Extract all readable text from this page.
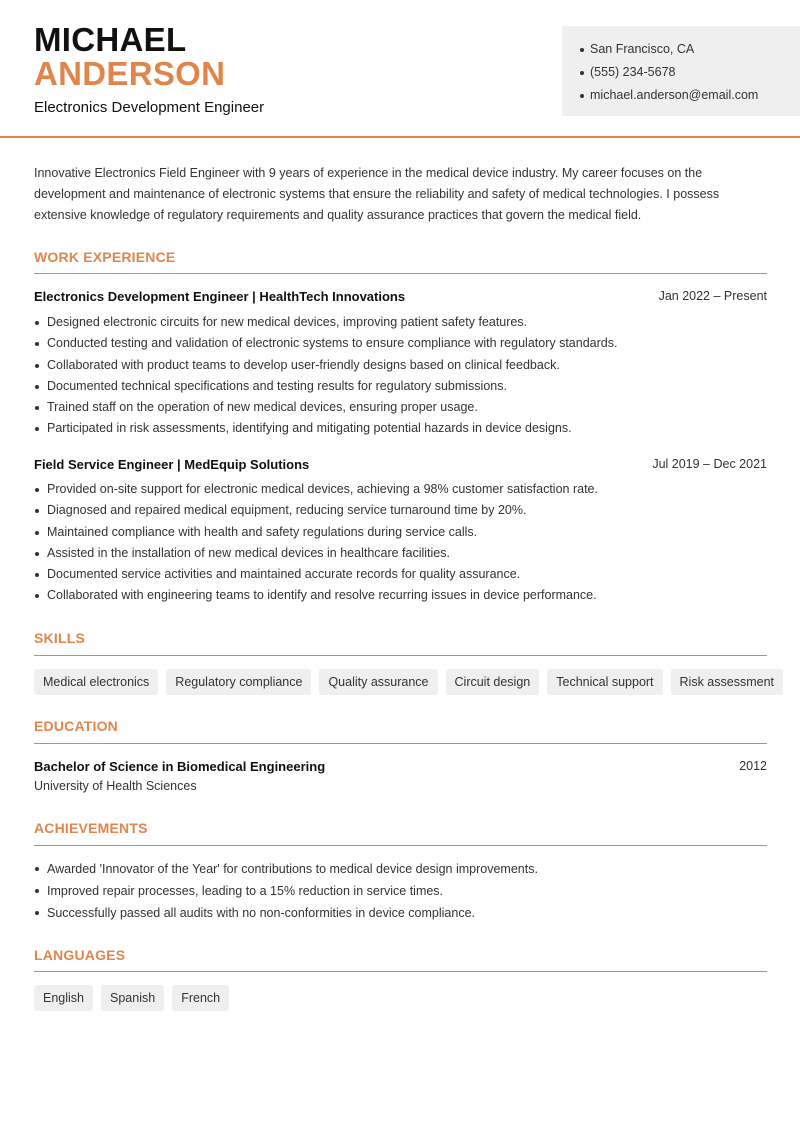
MICHAEL
ANDERSON
Electronics Development Engineer
San Francisco, CA
(555) 234-5678
michael.anderson@email.com

Innovative Electronics Field Engineer with 9 years of experience in the medical device industry. My career focuses on the development and maintenance of electronic systems that ensure the reliability and safety of medical technologies. I possess extensive knowledge of regulatory requirements and quality assurance practices that govern the medical field.

WORK EXPERIENCE
Electronics Development Engineer | HealthTech Innovations	Jan 2022 – Present
Designed electronic circuits for new medical devices, improving patient safety features.
Conducted testing and validation of electronic systems to ensure compliance with regulatory standards.
Collaborated with product teams to develop user-friendly designs based on clinical feedback.
Documented technical specifications and testing results for regulatory submissions.
Trained staff on the operation of new medical devices, ensuring proper usage.
Participated in risk assessments, identifying and mitigating potential hazards in device designs.
Field Service Engineer | MedEquip Solutions	Jul 2019 – Dec 2021
Provided on-site support for electronic medical devices, achieving a 98% customer satisfaction rate.
Diagnosed and repaired medical equipment, reducing service turnaround time by 20%.
Maintained compliance with health and safety regulations during service calls.
Assisted in the installation of new medical devices in healthcare facilities.
Documented service activities and maintained accurate records for quality assurance.
Collaborated with engineering teams to identify and resolve recurring issues in device performance.
SKILLS
Medical electronics	Regulatory compliance	Quality assurance	Circuit design	Technical support	Risk assessment
EDUCATION
Bachelor of Science in Biomedical Engineering	2012
University of Health Sciences
ACHIEVEMENTS
Awarded 'Innovator of the Year' for contributions to medical device design improvements.
Improved repair processes, leading to a 15% reduction in service times.
Successfully passed all audits with no non-conformities in device compliance.
LANGUAGES
English	Spanish	French
